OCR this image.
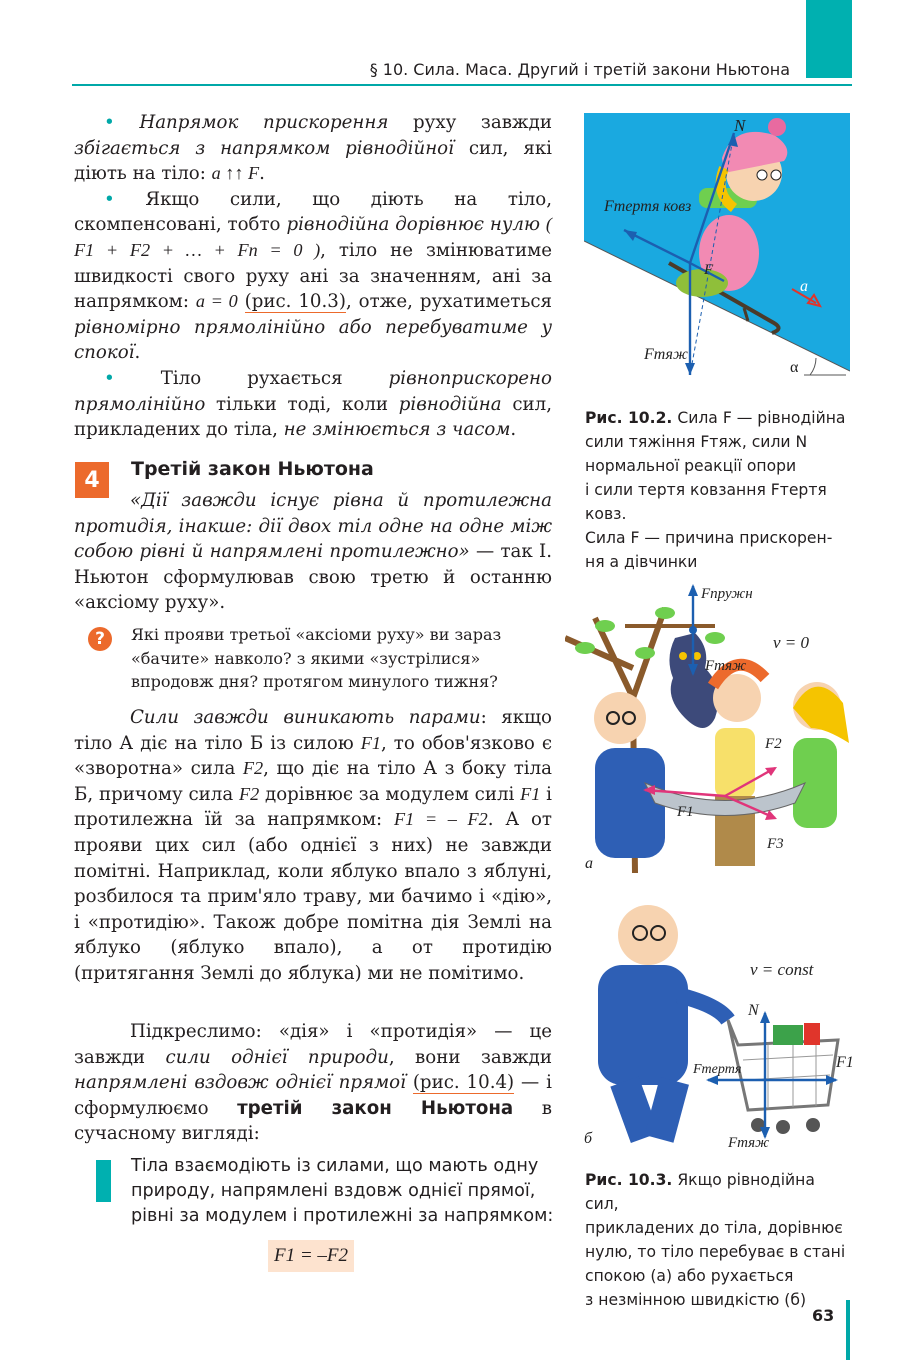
§ 10. Сила. Маса. Другий і третій закони Ньютона

• Напрямок прискорення руху завжди збігається з напрямком рівнодійної сил, які діють на тіло: a ↑↑ F.

• Якщо сили, що діють на тіло, скомпенсовані, тобто рівнодійна дорівнює нулю ( F1 + F2 + … + Fn = 0 ), тіло не змінюватиме швидкості свого руху ані за значенням, ані за напрямком: a = 0 (рис. 10.3), отже, рухатиметься рівномірно прямолінійно або перебуватиме у спокої.

•	Тіло рухається рівноприскорено прямолінійно тільки тоді, коли рівнодійна сил, прикладених до тіла, не змінюється з часом.

4	Третій закон Ньютона

«Дії завжди існує рівна й протилежна протидія, інакше: дії двох тіл одне на одне між собою рівні й напрямлені протилежно» — так І. Ньютон сформулював свою третю й останню «аксіому руху».

?	Які прояви третьої «аксіоми руху» ви зараз «бачите» навколо? з якими «зустрілися» впродовж дня? протягом минулого тижня?

Сили завжди виникають парами: якщо тіло А діє на тіло Б із силою F1, то обов'язково є «зворотна» сила F2, що діє на тіло А з боку тіла Б, причому сила F2 дорівнює за модулем силі F1 і протилежна їй за напрямком: F1 = – F2. А от прояви цих сил (або однієї з них) не завжди помітні. Наприклад, коли яблуко впало з яблуні, розбилося та прим'яло траву, ми бачимо і «дію», і «протидію». Також добре помітна дія Землі на яблуко (яблуко впало), а от протидію (притягання Землі до яблука) ми не помітимо.

Підкреслимо: «дія» і «протидія» — це завжди сили однієї природи, вони завжди напрямлені вздовж однієї прямої (рис. 10.4) — і сформулюємо третій закон Ньютона в сучасному вигляді:

Тіла взаємодіють із силами, що мають одну природу, напрямлені вздовж однієї прямої, рівні за модулем і протилежні за напрямком:
F1 = –F2
N
Fтертя ковз
F
a
Fтяж
α
Рис. 10.2. Сила F — рівнодійна
сили тяжіння Fтяж, сили N
нормальної реакції опори
і сили тертя ковзання Fтертя ковз.
Сила F — причина прискорен-
ня a дівчинки
Fпружн
v = 0
Fтяж
F1
F2
F3
а
v = const
N
Fтертя	F1
Fтяж
б
Рис. 10.3. Якщо рівнодійна сил,
прикладених до тіла, дорівнює
нулю, то тіло перебуває в стані
спокою (а) або рухається
з незмінною швидкістю (б)
63
